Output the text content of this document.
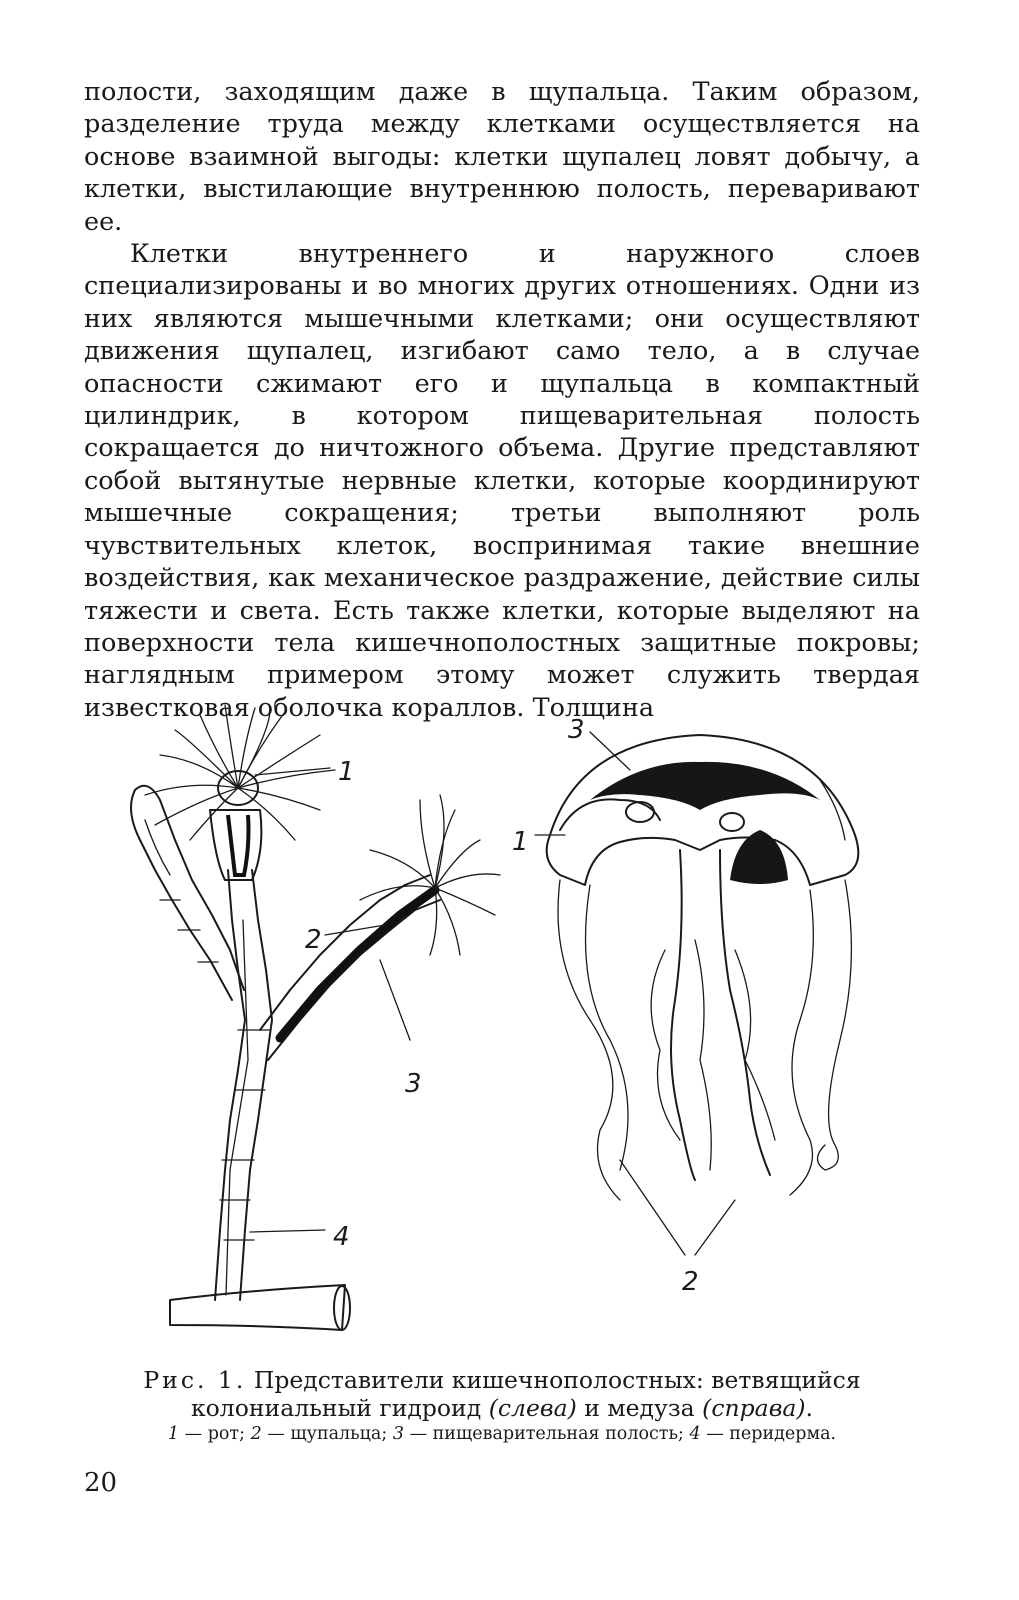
полости, заходящим даже в щупальца. Таким образом, разделение труда между клетками осуществляется на основе взаимной выгоды: клетки щупалец ловят добычу, а клетки, выстилающие внутреннюю полость, переваривают ее.

Клетки внутреннего и наружного слоев специализированы и во многих других отношениях. Одни из них являются мышечными клетками; они осуществляют движения щупалец, изгибают само тело, а в случае опасности сжимают его и щупальца в компактный цилиндрик, в котором пищеварительная полость сокращается до ничтожного объема. Другие представляют собой вытянутые нервные клетки, которые координируют мышечные сокращения; третьи выполняют роль чувствительных клеток, воспринимая такие внешние воздействия, как механическое раздражение, действие силы тяжести и света. Есть также клетки, которые выделяют на поверхности тела кишечнополостных защитные покровы; наглядным примером этому может служить твердая известковая оболочка кораллов. Толщина

1
2
3
4
3
1
2
Рис. 1. Представители кишечнополостных: ветвящийся колониальный гидроид (слева) и медуза (справа).
1 — рот; 2 — щупальца; 3 — пищеварительная полость; 4 — перидерма.
20
